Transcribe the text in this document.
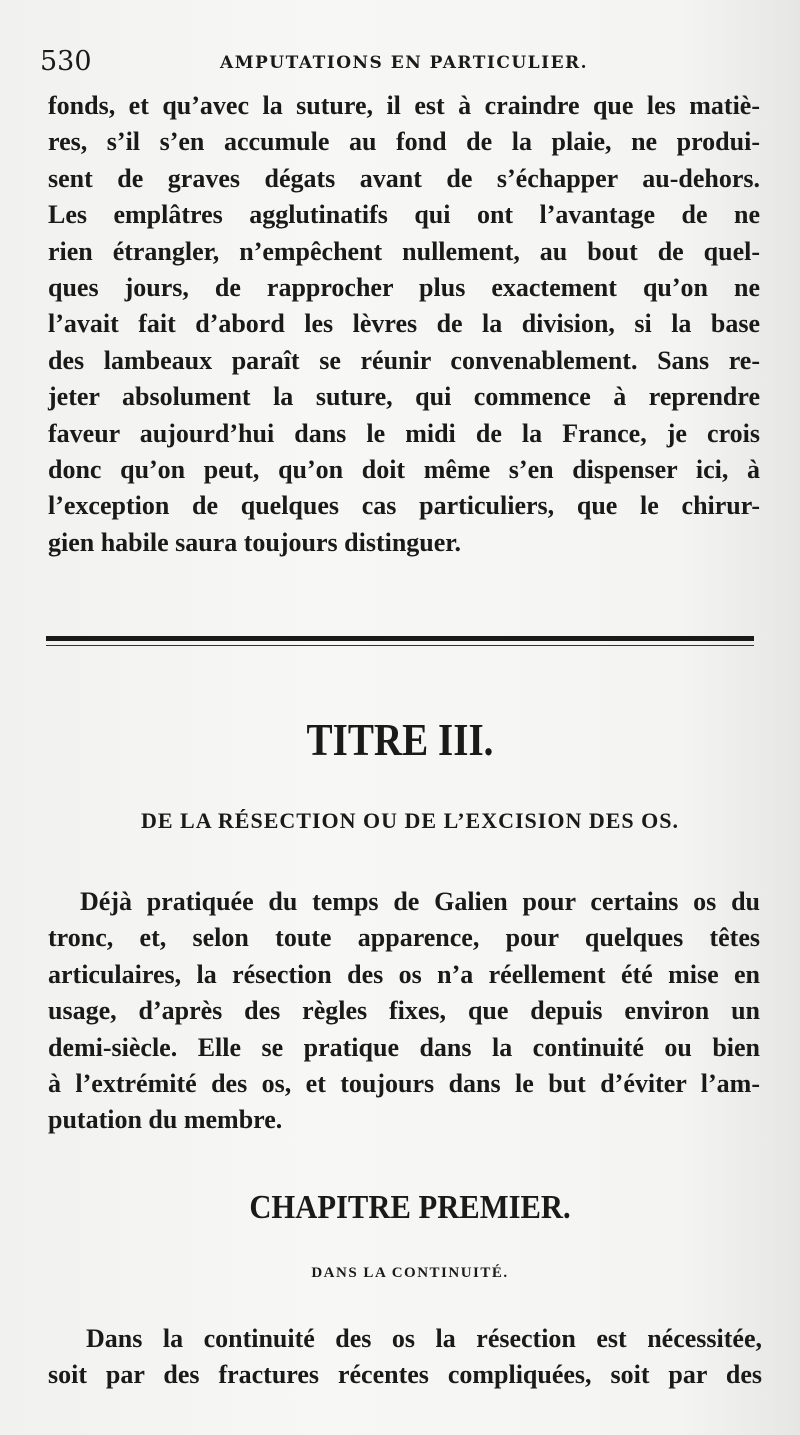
530	AMPUTATIONS EN PARTICULIER.
fonds, et qu’avec la suture, il est à craindre que les matiè-
res, s’il s’en accumule au fond de la plaie, ne produi-
sent de graves dégats avant de s’échapper au-dehors.
Les emplâtres agglutinatifs qui ont l’avantage de ne
rien étrangler, n’empêchent nullement, au bout de quel-
ques jours, de rapprocher plus exactement qu’on ne
l’avait fait d’abord les lèvres de la division, si la base
des lambeaux paraît se réunir convenablement. Sans re-
jeter absolument la suture, qui commence à reprendre
faveur aujourd’hui dans le midi de la France, je crois
donc qu’on peut, qu’on doit même s’en dispenser ici, à
l’exception de quelques cas particuliers, que le chirur-
gien habile saura toujours distinguer.
TITRE III.
DE LA RÉSECTION OU DE L’EXCISION DES OS.
Déjà pratiquée du temps de Galien pour certains os du
tronc, et, selon toute apparence, pour quelques têtes
articulaires, la résection des os n’a réellement été mise en
usage, d’après des règles fixes, que depuis environ un
demi-siècle. Elle se pratique dans la continuité ou bien
à l’extrémité des os, et toujours dans le but d’éviter l’am-
putation du membre.
CHAPITRE PREMIER.
DANS LA CONTINUITÉ.
Dans la continuité des os la résection est nécessitée,
soit par des fractures récentes compliquées, soit par des
